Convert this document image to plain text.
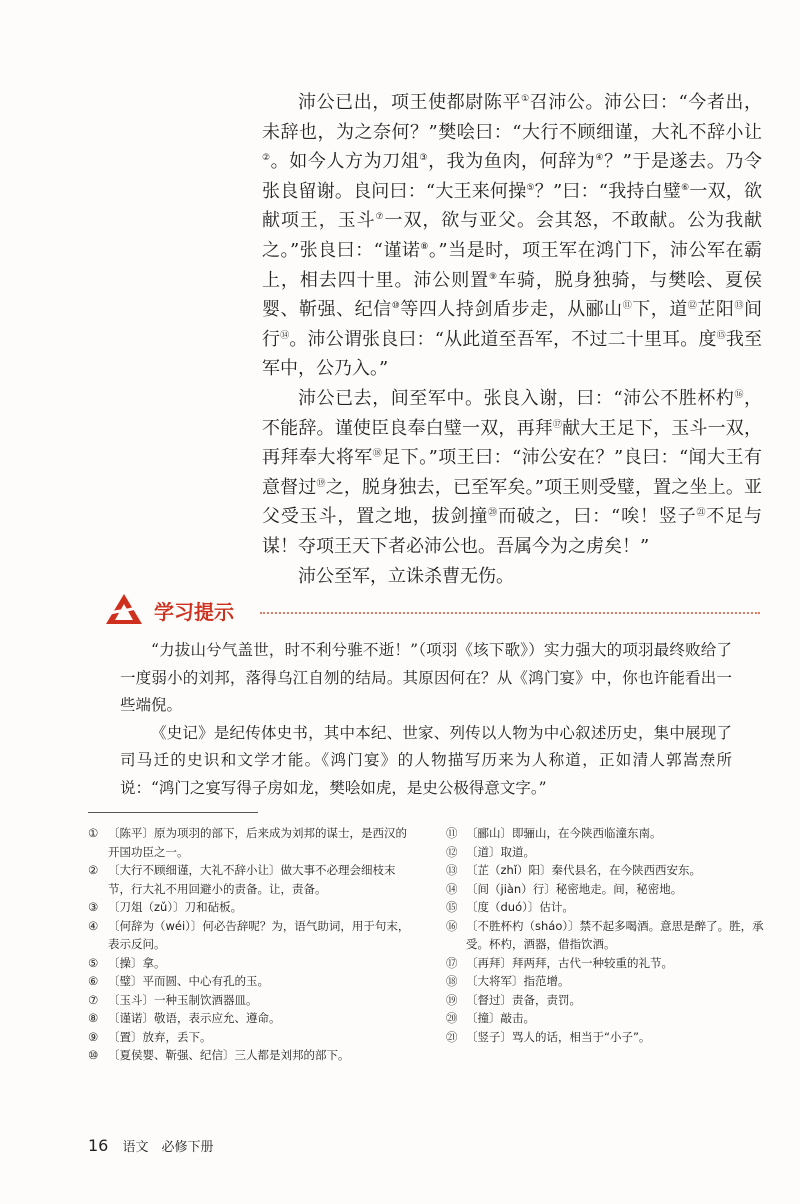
沛公已出，项王使都尉陈平①召沛公。沛公曰：“今者出，未辞也，为之奈何？”樊哙曰：“大行不顾细谨，大礼不辞小让②。如今人方为刀俎③，我为鱼肉，何辞为④？”于是遂去。乃令张良留谢。良问曰：“大王来何操⑤？”曰：“我持白璧⑥一双，欲献项王，玉斗⑦一双，欲与亚父。会其怒，不敢献。公为我献之。”张良曰：“谨诺⑧。”当是时，项王军在鸿门下，沛公军在霸上，相去四十里。沛公则置⑨车骑，脱身独骑，与樊哙、夏侯婴、靳强、纪信⑩等四人持剑盾步走，从郦山⑪下，道⑫芷阳⑬间行⑭。沛公谓张良曰：“从此道至吾军，不过二十里耳。度⑮我至军中，公乃入。”

沛公已去，间至军中。张良入谢，曰：“沛公不胜杯杓⑯，不能辞。谨使臣良奉白璧一双，再拜⑰献大王足下，玉斗一双，再拜奉大将军⑱足下。”项王曰：“沛公安在？”良曰：“闻大王有意督过⑲之，脱身独去，已至军矣。”项王则受璧，置之坐上。亚父受玉斗，置之地，拔剑撞⑳而破之，曰：“唉！竖子$^㉑$不足与谋！夺项王天下者必沛公也。吾属今为之虏矣！”

沛公至军，立诛杀曹无伤。

学习提示

“力拔山兮气盖世，时不利兮骓不逝！”（项羽《垓下歌》）实力强大的项羽最终败给了一度弱小的刘邦，落得乌江自刎的结局。其原因何在？从《鸿门宴》中，你也许能看出一些端倪。

《史记》是纪传体史书，其中本纪、世家、列传以人物为中心叙述历史，集中展现了司马迁的史识和文学才能。《鸿门宴》的人物描写历来为人称道，正如清人郭嵩焘所说：“鸿门之宴写得子房如龙，樊哙如虎，是史公极得意文字。”

① 〔陈平〕原为项羽的部下，后来成为刘邦的谋士，是西汉的开国功臣之一。
② 〔大行不顾细谨，大礼不辞小让〕做大事不必理会细枝末节，行大礼不用回避小的责备。让，责备。
③ 〔刀俎（zǔ）〕刀和砧板。
④ 〔何辞为（wéi）〕何必告辞呢？为，语气助词，用于句末，表示反问。
⑤ 〔操〕拿。
⑥ 〔璧〕平而圆、中心有孔的玉。
⑦ 〔玉斗〕一种玉制饮酒器皿。
⑧ 〔谨诺〕敬语，表示应允、遵命。
⑨ 〔置〕放弃，丢下。
⑩ 〔夏侯婴、靳强、纪信〕三人都是刘邦的部下。
⑪ 〔郦山〕即骊山，在今陕西临潼东南。
⑫ 〔道〕取道。
⑬ 〔芷（zhǐ）阳〕秦代县名，在今陕西西安东。
⑭ 〔间（jiàn）行〕秘密地走。间，秘密地。
⑮ 〔度（duó）〕估计。
⑯ 〔不胜杯杓（sháo）〕禁不起多喝酒。意思是醉了。胜，承受。杯杓，酒器，借指饮酒。
⑰ 〔再拜〕拜两拜，古代一种较重的礼节。
⑱ 〔大将军〕指范增。
⑲ 〔督过〕责备，责罚。
⑳ 〔撞〕敲击。
㉑ 〔竖子〕骂人的话，相当于“小子”。
16 语文　必修下册
